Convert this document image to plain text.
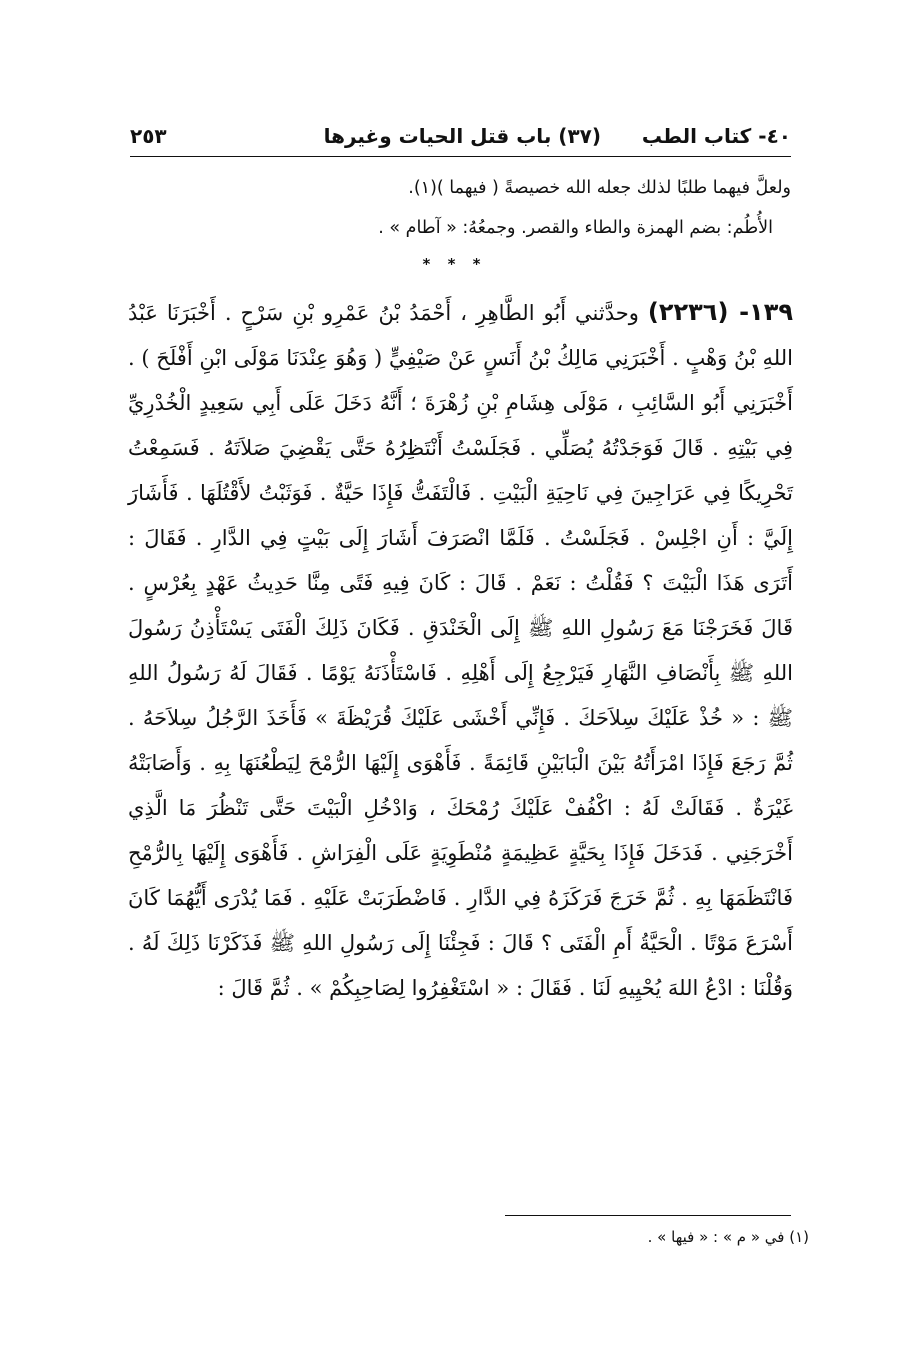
٤٠- كتاب الطب
(٣٧) باب قتل الحيات وغيرها
٢٥٣

ولعلَّ فيهما طلبًا لذلك جعله الله خصيصةً ( فيهما )(١).

الأُطُم: بضم الهمزة والطاء والقصر. وجمعُهُ: « آطام » .

* * *
١٣٩- (٢٢٣٦) وحدَّثني أَبُو الطَّاهِرِ ، أَحْمَدُ بْنُ عَمْرِو بْنِ سَرْحٍ . أَخْبَرَنَا عَبْدُ اللهِ بْنُ وَهْبٍ . أَخْبَرَنِي مَالِكُ بْنُ أَنَسٍ عَنْ صَيْفِيٍّ ( وَهُوَ عِنْدَنَا مَوْلَى ابْنِ أَفْلَحَ ) . أَخْبَرَنِي أَبُو السَّائِبِ ، مَوْلَى هِشَامِ بْنِ زُهْرَةَ ؛ أَنَّهُ دَخَلَ عَلَى أَبِي سَعِيدٍ الْخُدْرِيِّ فِي بَيْتِهِ . قَالَ فَوَجَدْتُهُ يُصَلِّي . فَجَلَسْتُ أَنْتَظِرُهُ حَتَّى يَقْضِيَ صَلاَتَهُ . فَسَمِعْتُ تَحْرِيكًا فِي عَرَاجِينَ فِي نَاحِيَةِ الْبَيْتِ . فَالْتَفَتُّ فَإِذَا حَيَّةٌ . فَوَثَبْتُ لأَقْتُلَهَا . فَأَشَارَ إِلَيَّ : أَنِ اجْلِسْ . فَجَلَسْتُ . فَلَمَّا انْصَرَفَ أَشَارَ إِلَى بَيْتٍ فِي الدَّارِ . فَقَالَ : أَتَرَى هَذَا الْبَيْتَ ؟ فَقُلْتُ : نَعَمْ . قَالَ : كَانَ فِيهِ فَتًى مِنَّا حَدِيثُ عَهْدٍ بِعُرْسٍ . قَالَ فَخَرَجْنَا مَعَ رَسُولِ اللهِ ﷺ إِلَى الْخَنْدَقِ . فَكَانَ ذَلِكَ الْفَتَى يَسْتَأْذِنُ رَسُولَ اللهِ ﷺ بِأَنْصَافِ النَّهَارِ فَيَرْجِعُ إِلَى أَهْلِهِ . فَاسْتَأْذَنَهُ يَوْمًا . فَقَالَ لَهُ رَسُولُ اللهِ ﷺ : « خُذْ عَلَيْكَ سِلاَحَكَ . فَإِنِّي أَخْشَى عَلَيْكَ قُرَيْظَةَ » فَأَخَذَ الرَّجُلُ سِلاَحَهُ . ثُمَّ رَجَعَ فَإِذَا امْرَأَتُهُ بَيْنَ الْبَابَيْنِ قَائِمَةً . فَأَهْوَى إِلَيْهَا الرُّمْحَ لِيَطْعُنَهَا بِهِ . وَأَصَابَتْهُ غَيْرَةٌ . فَقَالَتْ لَهُ : اكْفُفْ عَلَيْكَ رُمْحَكَ ، وَادْخُلِ الْبَيْتَ حَتَّى تَنْظُرَ مَا الَّذِي أَخْرَجَنِي . فَدَخَلَ فَإِذَا بِحَيَّةٍ عَظِيمَةٍ مُنْطَوِيَةٍ عَلَى الْفِرَاشِ . فَأَهْوَى إِلَيْهَا بِالرُّمْحِ فَانْتَظَمَهَا بِهِ . ثُمَّ خَرَجَ فَرَكَزَهُ فِي الدَّارِ . فَاضْطَرَبَتْ عَلَيْهِ . فَمَا يُدْرَى أَيُّهُمَا كَانَ أَسْرَعَ مَوْتًا . الْحَيَّةُ أَمِ الْفَتَى ؟ قَالَ : فَجِئْنَا إِلَى رَسُولِ اللهِ ﷺ فَذَكَرْنَا ذَلِكَ لَهُ . وَقُلْنَا : ادْعُ اللهَ يُحْيِيهِ لَنَا . فَقَالَ : « اسْتَغْفِرُوا لِصَاحِبِكُمْ » . ثُمَّ قَالَ :
(١) في « م » : « فيها » .
